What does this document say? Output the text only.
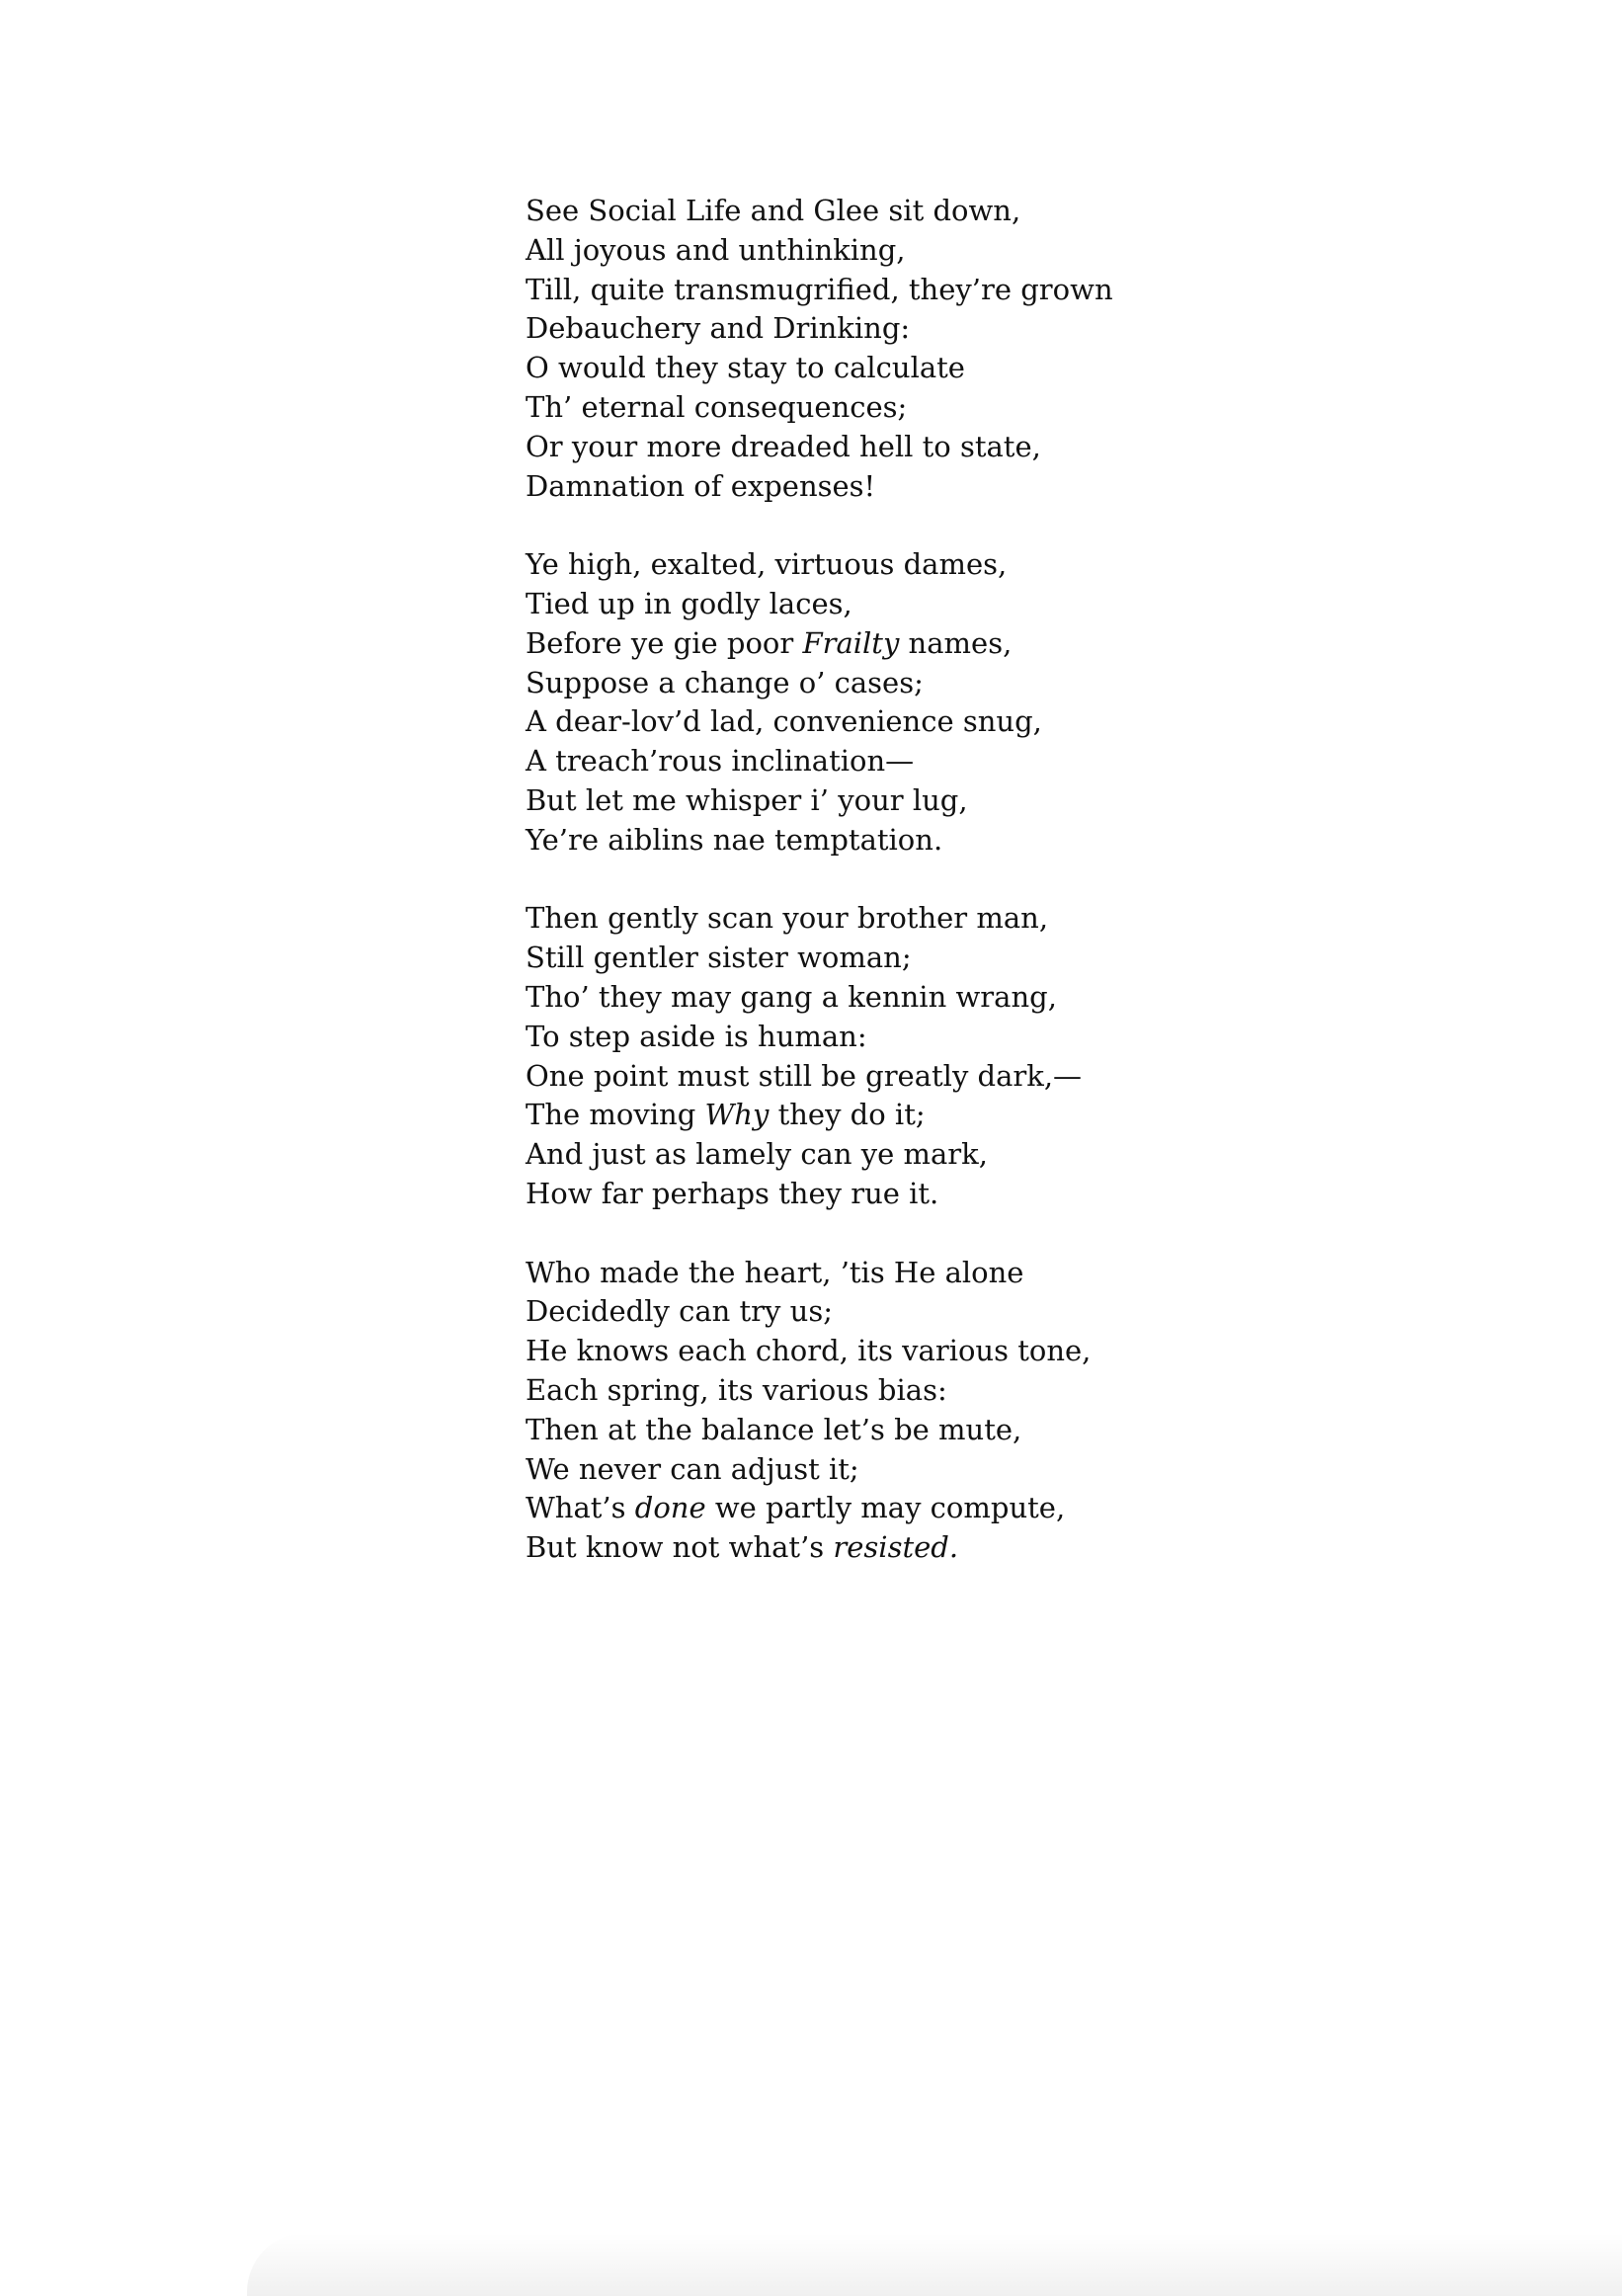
See Social Life and Glee sit down,
All joyous and unthinking,
Till, quite transmugrified, they’re grown
Debauchery and Drinking:
O would they stay to calculate
Th’ eternal consequences;
Or your more dreaded hell to state,
Damnation of expenses!
Ye high, exalted, virtuous dames,
Tied up in godly laces,
Before ye gie poor Frailty names,
Suppose a change o’ cases;
A dear-lov’d lad, convenience snug,
A treach’rous inclination—
But let me whisper i’ your lug,
Ye’re aiblins nae temptation.
Then gently scan your brother man,
Still gentler sister woman;
Tho’ they may gang a kennin wrang,
To step aside is human:
One point must still be greatly dark,—
The moving Why they do it;
And just as lamely can ye mark,
How far perhaps they rue it.
Who made the heart, ’tis He alone
Decidedly can try us;
He knows each chord, its various tone,
Each spring, its various bias:
Then at the balance let’s be mute,
We never can adjust it;
What’s done we partly may compute,
But know not what’s resisted.
